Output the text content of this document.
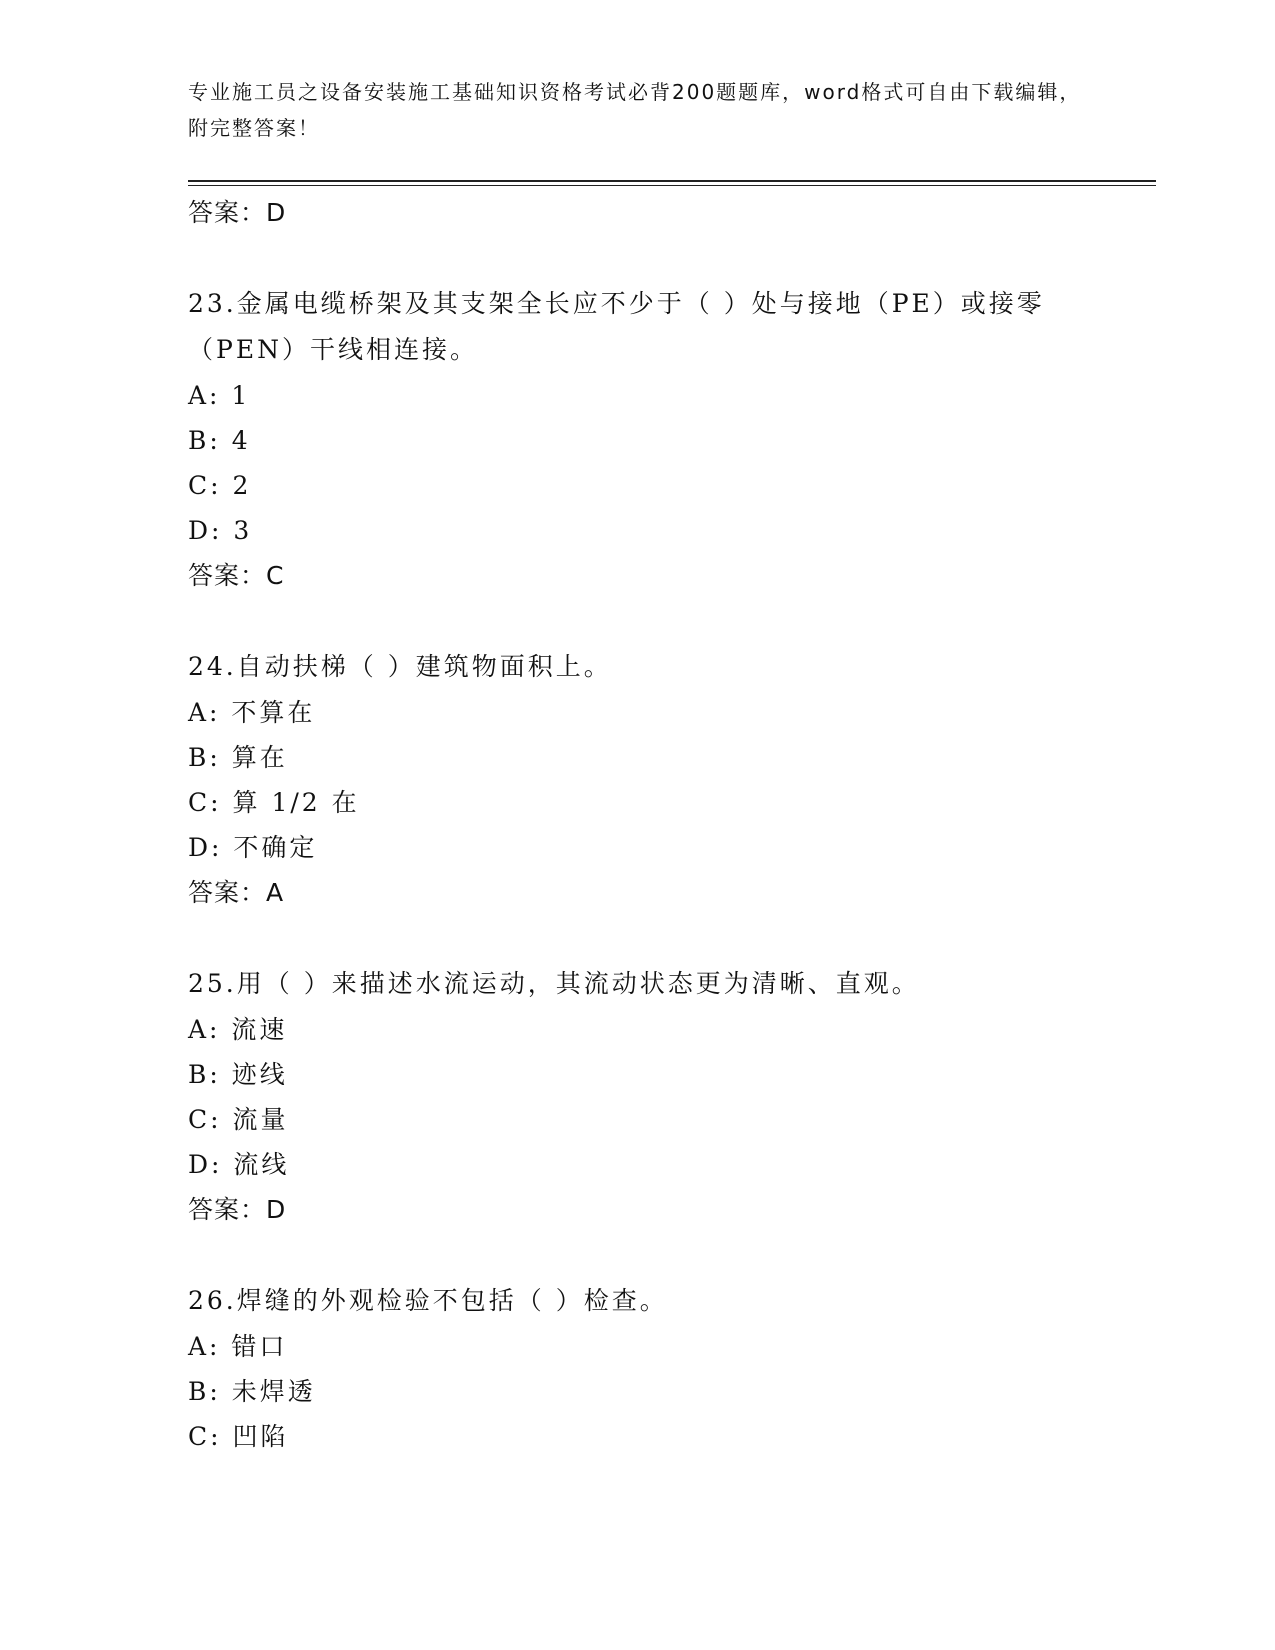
专业施工员之设备安装施工基础知识资格考试必背200题题库，word格式可自由下载编辑，附完整答案！
答案：D
23.金属电缆桥架及其支架全长应不少于（ ）处与接地（PE）或接零（PEN）干线相连接。
A: 1
B: 4
C: 2
D: 3
答案：C
24.自动扶梯（ ）建筑物面积上。
A: 不算在
B: 算在
C: 算 1/2 在
D: 不确定
答案：A
25.用（ ）来描述水流运动，其流动状态更为清晰、直观。
A: 流速
B: 迹线
C: 流量
D: 流线
答案：D
26.焊缝的外观检验不包括（ ）检查。
A: 错口
B: 未焊透
C: 凹陷
